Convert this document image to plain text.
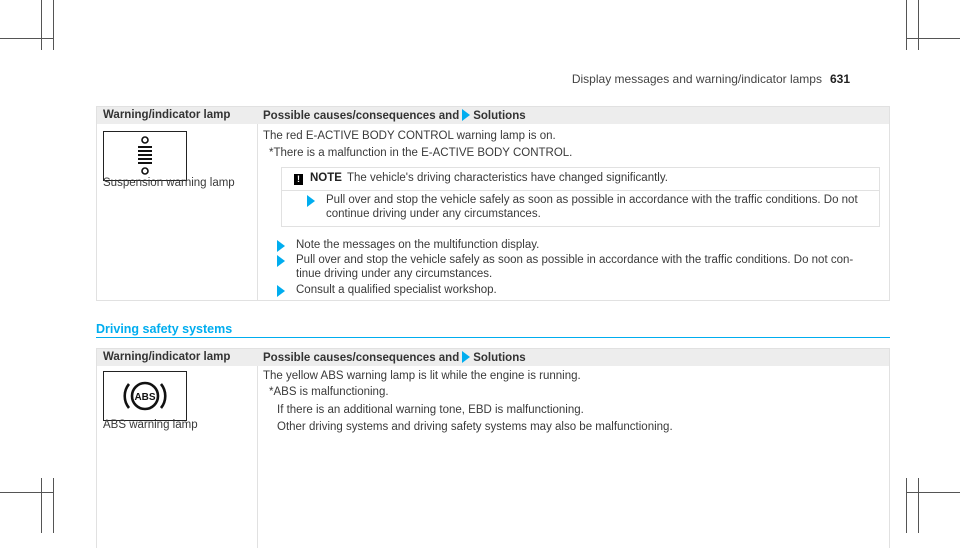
Display messages and warning/indicator lamps 631
Warning/indicator lamp	Possible causes/consequences and Solutions
Suspension warning lamp
The red E-ACTIVE BODY CONTROL warning lamp is on.
*There is a malfunction in the E-ACTIVE BODY CONTROL.
! NOTE The vehicle's driving characteristics have changed significantly.
Pull over and stop the vehicle safely as soon as possible in accordance with the traffic conditions. Do not
continue driving under any circumstances.
Note the messages on the multifunction display.
Pull over and stop the vehicle safely as soon as possible in accordance with the traffic conditions. Do not con-
tinue driving under any circumstances.
Consult a qualified specialist workshop.
Driving safety systems
Warning/indicator lamp	Possible causes/consequences and Solutions
ABS
ABS warning lamp
The yellow ABS warning lamp is lit while the engine is running.
*ABS is malfunctioning.
If there is an additional warning tone, EBD is malfunctioning.
Other driving systems and driving safety systems may also be malfunctioning.
